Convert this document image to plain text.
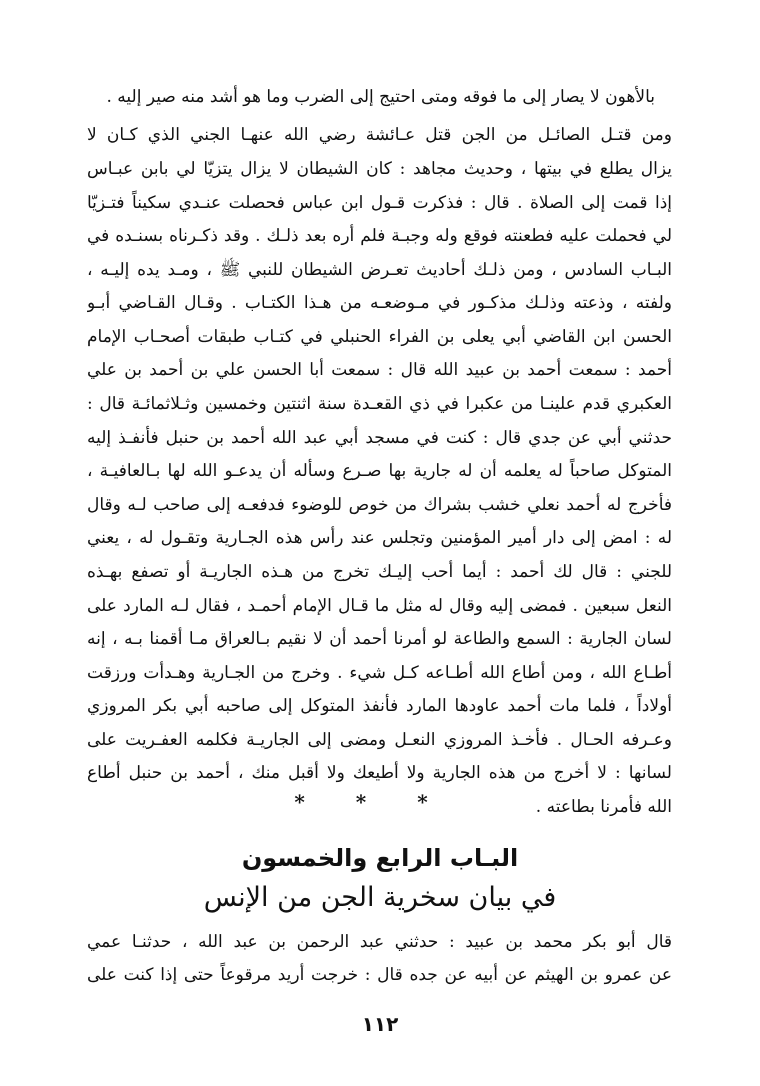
بالأهون لا يصار إلى ما فوقه ومتى احتيج إلى الضرب وما هو أشد منه صير إليه .
ومن قتـل الصائـل من الجن قتل عـائشة رضي الله عنهـا الجني الذي كـان لا
يزال يطلع في بيتها ، وحديث مجاهد : كان الشيطان لا يزال يتزيّا لي بابن عبـاس
إذا قمت إلى الصلاة . قال : فذكرت قـول ابن عباس فحصلت عنـدي سكيناً فتـزيّا
لي فحملت عليه فطعنته فوقع وله وجبـة فلم أره بعد ذلـك . وقد ذكـرناه بسنـده في
البـاب السادس ، ومن ذلـك أحاديث تعـرض الشيطان للنبي ﷺ ، ومـد يده إليـه ،
ولفته ، وذعته وذلـك مذكـور في مـوضعـه من هـذا الكتـاب . وقـال القـاضي أبـو
الحسن ابن القاضي أبي يعلى بن الفراء الحنبلي في كتـاب طبقات أصحـاب الإمام
أحمد : سمعت أحمد بن عبيد الله قال : سمعت أبا الحسن علي بن أحمد بن علي
العكبري قدم علينـا من عكبرا في ذي القعـدة سنة اثنتين وخمسين وثـلاثمائـة قال :
حدثني أبي عن جدي قال : كنت في مسجد أبي عبد الله أحمد بن حنبل فأنفـذ إليه
المتوكل صاحباً له يعلمه أن له جارية بها صـرع وسأله أن يدعـو الله لها بـالعافيـة ،
فأخرج له أحمد نعلي خشب بشراك من خوص للوضوء فدفعـه إلى صاحب لـه وقال
له : امض إلى دار أمير المؤمنين وتجلس عند رأس هذه الجـارية وتقـول له ، يعني
للجني : قال لك أحمد : أيما أحب إليـك تخرج من هـذه الجاريـة أو تصفع بهـذه
النعل سبعين . فمضى إليه وقال له مثل ما قـال الإمام أحمـد ، فقال لـه المارد على
لسان الجارية : السمع والطاعة لو أمرنا أحمد أن لا نقيم بـالعراق مـا أقمنا بـه ، إنه
أطـاع الله ، ومن أطاع الله أطـاعه كـل شيء . وخرج من الجـارية وهـدأت ورزقت
أولاداً ، فلما مات أحمد عاودها المارد فأنفذ المتوكل إلى صاحبه أبي بكر المروزي
وعـرفه الحـال . فأخـذ المروزي النعـل ومضى إلى الجاريـة فكلمه العفـريت على
لسانها : لا أخرج من هذه الجارية ولا أطيعك ولا أقبل منك ، أحمد بن حنبل أطاع
الله فأمرنا بطاعته .
* * *
البـاب الرابع والخمسون
في بيان سخرية الجن من الإنس
قال أبو بكر محمد بن عبيد : حدثني عبد الرحمن بن عبد الله ، حدثنـا عمي
عن عمرو بن الهيثم عن أبيه عن جده قال : خرجت أريد مرقوعاً حتى إذا كنت على
١١٢
